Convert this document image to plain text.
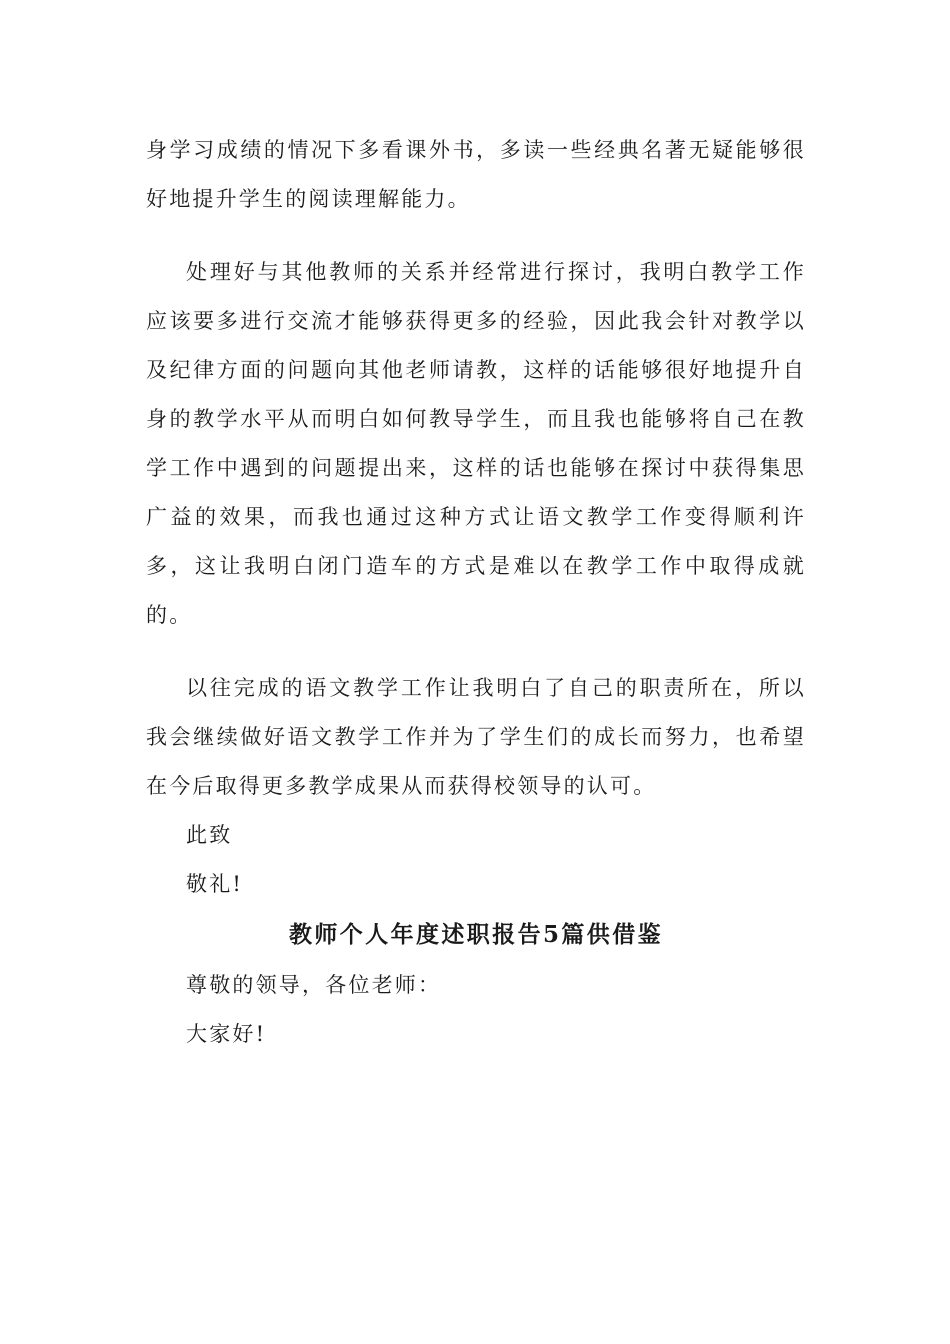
身学习成绩的情况下多看课外书，多读一些经典名著无疑能够很好地提升学生的阅读理解能力。

处理好与其他教师的关系并经常进行探讨，我明白教学工作应该要多进行交流才能够获得更多的经验，因此我会针对教学以及纪律方面的问题向其他老师请教，这样的话能够很好地提升自身的教学水平从而明白如何教导学生，而且我也能够将自己在教学工作中遇到的问题提出来，这样的话也能够在探讨中获得集思广益的效果，而我也通过这种方式让语文教学工作变得顺利许多，这让我明白闭门造车的方式是难以在教学工作中取得成就的。

以往完成的语文教学工作让我明白了自己的职责所在，所以我会继续做好语文教学工作并为了学生们的成长而努力，也希望在今后取得更多教学成果从而获得校领导的认可。

此致

敬礼!

教师个人年度述职报告5篇供借鉴

尊敬的领导，各位老师：

大家好!
